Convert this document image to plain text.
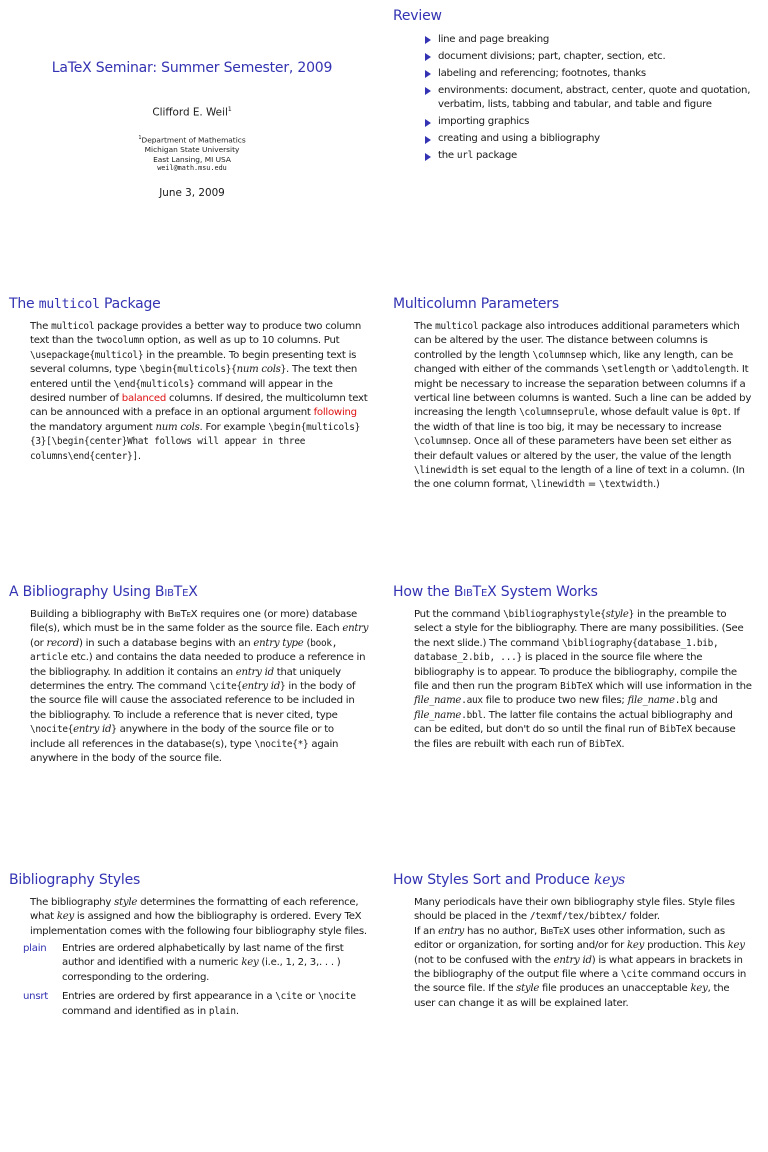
LaTeX Seminar: Summer Semester, 2009
Clifford E. Weil$^1$
$^1$Department of Mathematics
Michigan State University
East Lansing, MI USA
weil@math.msu.edu
June 3, 2009
Review
line and page breaking
document divisions; part, chapter, section, etc.
labeling and referencing; footnotes, thanks
environments: document, abstract, center, quote and quotation, verbatim, lists, tabbing and tabular, and table and figure
importing graphics
creating and using a bibliography
the url package
The multicol Package

The multicol package provides a better way to produce two column text than the twocolumn option, as well as up to 10 columns. Put \usepackage{multicol} in the preamble. To begin presenting text is several columns, type \begin{multicols}{num cols}. The text then entered until the \end{multicols} command will appear in the desired number of balanced columns. If desired, the multicolumn text can be announced with a preface in an optional argument following the mandatory argument num cols. For example \begin{multicols}{3}[\begin{center}What follows will appear in three columns\end{center}].

Multicolumn Parameters

The multicol package also introduces additional parameters which can be altered by the user. The distance between columns is controlled by the length \columnsep which, like any length, can be changed with either of the commands \setlength or \addtolength. It might be necessary to increase the separation between columns if a vertical line between columns is wanted. Such a line can be added by increasing the length \columnseprule, whose default value is 0pt. If the width of that line is too big, it may be necessary to increase \columnsep. Once all of these parameters have been set either as their default values or altered by the user, the value of the length \linewidth is set equal to the length of a line of text in a column. (In the one column format, \linewidth = \textwidth.)

A Bibliography Using BibTeX

Building a bibliography with BibTeX requires one (or more) database file(s), which must be in the same folder as the source file. Each entry (or record) in such a database begins with an entry type (book, article etc.) and contains the data needed to produce a reference in the bibliography. In addition it contains an entry id that uniquely determines the entry. The command \cite{entry id} in the body of the source file will cause the associated reference to be included in the bibliography. To include a reference that is never cited, type \nocite{entry id} anywhere in the body of the source file or to include all references in the database(s), type \nocite{*} again anywhere in the body of the source file.

How the BibTeX System Works

Put the command \bibliographystyle{style} in the preamble to select a style for the bibliography. There are many possibilities. (See the next slide.) The command \bibliography{database_1.bib, database_2.bib, ...} is placed in the source file where the bibliography is to appear. To produce the bibliography, compile the file and then run the program BibTeX which will use information in the file_name.aux file to produce two new files; file_name.blg and file_name.bbl. The latter file contains the actual bibliography and can be edited, but don't do so until the final run of BibTeX because the files are rebuilt with each run of BibTeX.

Bibliography Styles

The bibliography style determines the formatting of each reference, what key is assigned and how the bibliography is ordered. Every TeX implementation comes with the following four bibliography style files.

plain Entries are ordered alphabetically by last name of the first author and identified with a numeric key (i.e., 1, 2, 3,. . . ) corresponding to the ordering.
unsrt Entries are ordered by first appearance in a \cite or \nocite command and identified as in plain.
How Styles Sort and Produce keys

Many periodicals have their own bibliography style files. Style files should be placed in the /texmf/tex/bibtex/ folder.

If an entry has no author, BibTeX uses other information, such as editor or organization, for sorting and/or for key production. This key (not to be confused with the entry id) is what appears in brackets in the bibliography of the output file where a \cite command occurs in the source file. If the style file produces an unacceptable key, the user can change it as will be explained later.
